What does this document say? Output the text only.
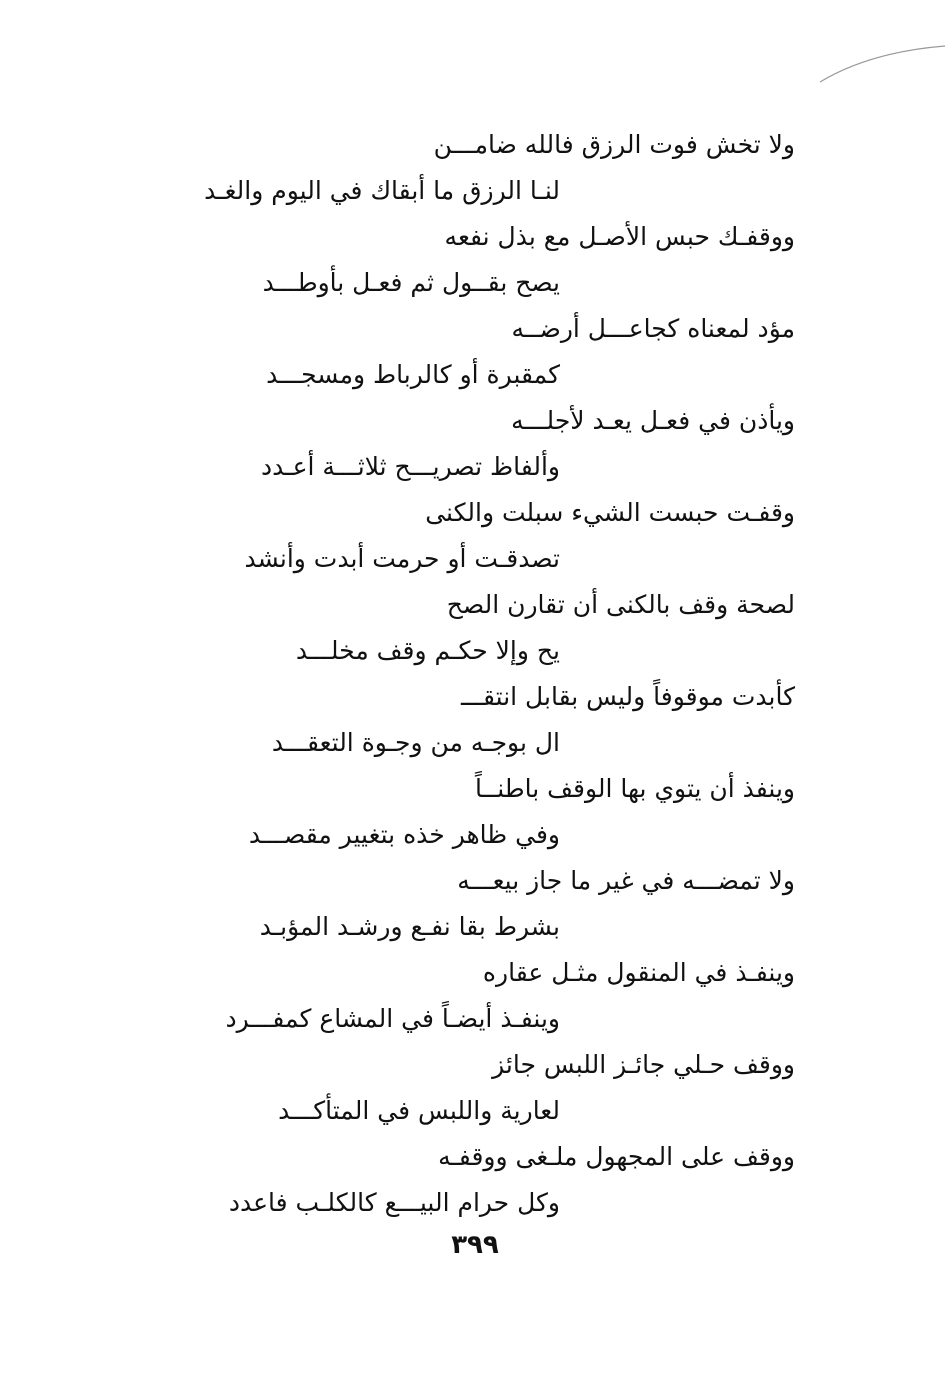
ولا تخش فوت الرزق فالله ضامـــن
لنـا الرزق ما أبقاك في اليوم والغـد
ووقفـك حبس الأصـل مع بذل نفعه
يصح بقــول ثم فعـل بأوطـــد
مؤد لمعناه كجاعـــل أرضــه
كمقبرة أو كالرباط ومسجـــد
ويأذن في فعـل يعـد لأجلـــه
وألفاظ تصريـــح ثلاثـــة أعـدد
وقفـت حبست الشيء سبلت والكنى
تصدقـت أو حرمت أبدت وأنشد
لصحة وقف بالكنى أن تقارن الصح
يح وإلا حكـم وقف مخلـــد
كأبدت موقوفاً وليس بقابل انتقـــ
ال بوجـه من وجـوة التعقـــد
وينفذ أن يتوي بها الوقف باطنــاً
وفي ظاهر خذه بتغيير مقصـــد
ولا تمضـــه في غير ما جاز بيعـــه
بشرط بقا نفـع ورشـد المؤبـد
وينفـذ في المنقول مثـل عقاره
وينفـذ أيضـاً في المشاع كمفـــرد
ووقف حـلي جائـز اللبس جائز
لعارية واللبس في المتأكـــد
ووقف على المجهول ملـغى ووقفـه
وكل حرام البيـــع كالكلـب فاعدد
٣٩٩
